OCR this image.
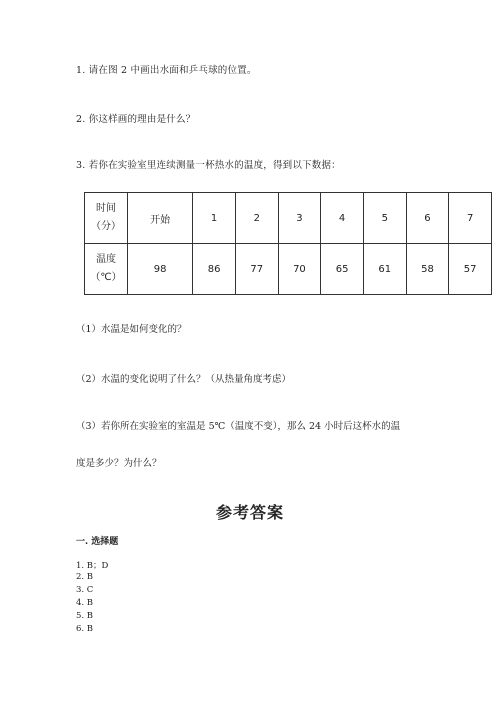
1. 请在图 2 中画出水面和乒乓球的位置。
2. 你这样画的理由是什么？
3. 若你在实验室里连续测量一杯热水的温度，得到以下数据：
时间
（分）	开始	1	2	3	4	5	6	7

温度
（℃）	98	86	77	70	65	61	58	57
（1）水温是如何变化的？
（2）水温的变化说明了什么？（从热量角度考虑）
（3）若你所在实验室的室温是 5℃（温度不变），那么 24 小时后这杯水的温
度是多少？为什么？
参考答案
一. 选择题
1. B；D
2. B
3. C
4. B
5. B
6. B
